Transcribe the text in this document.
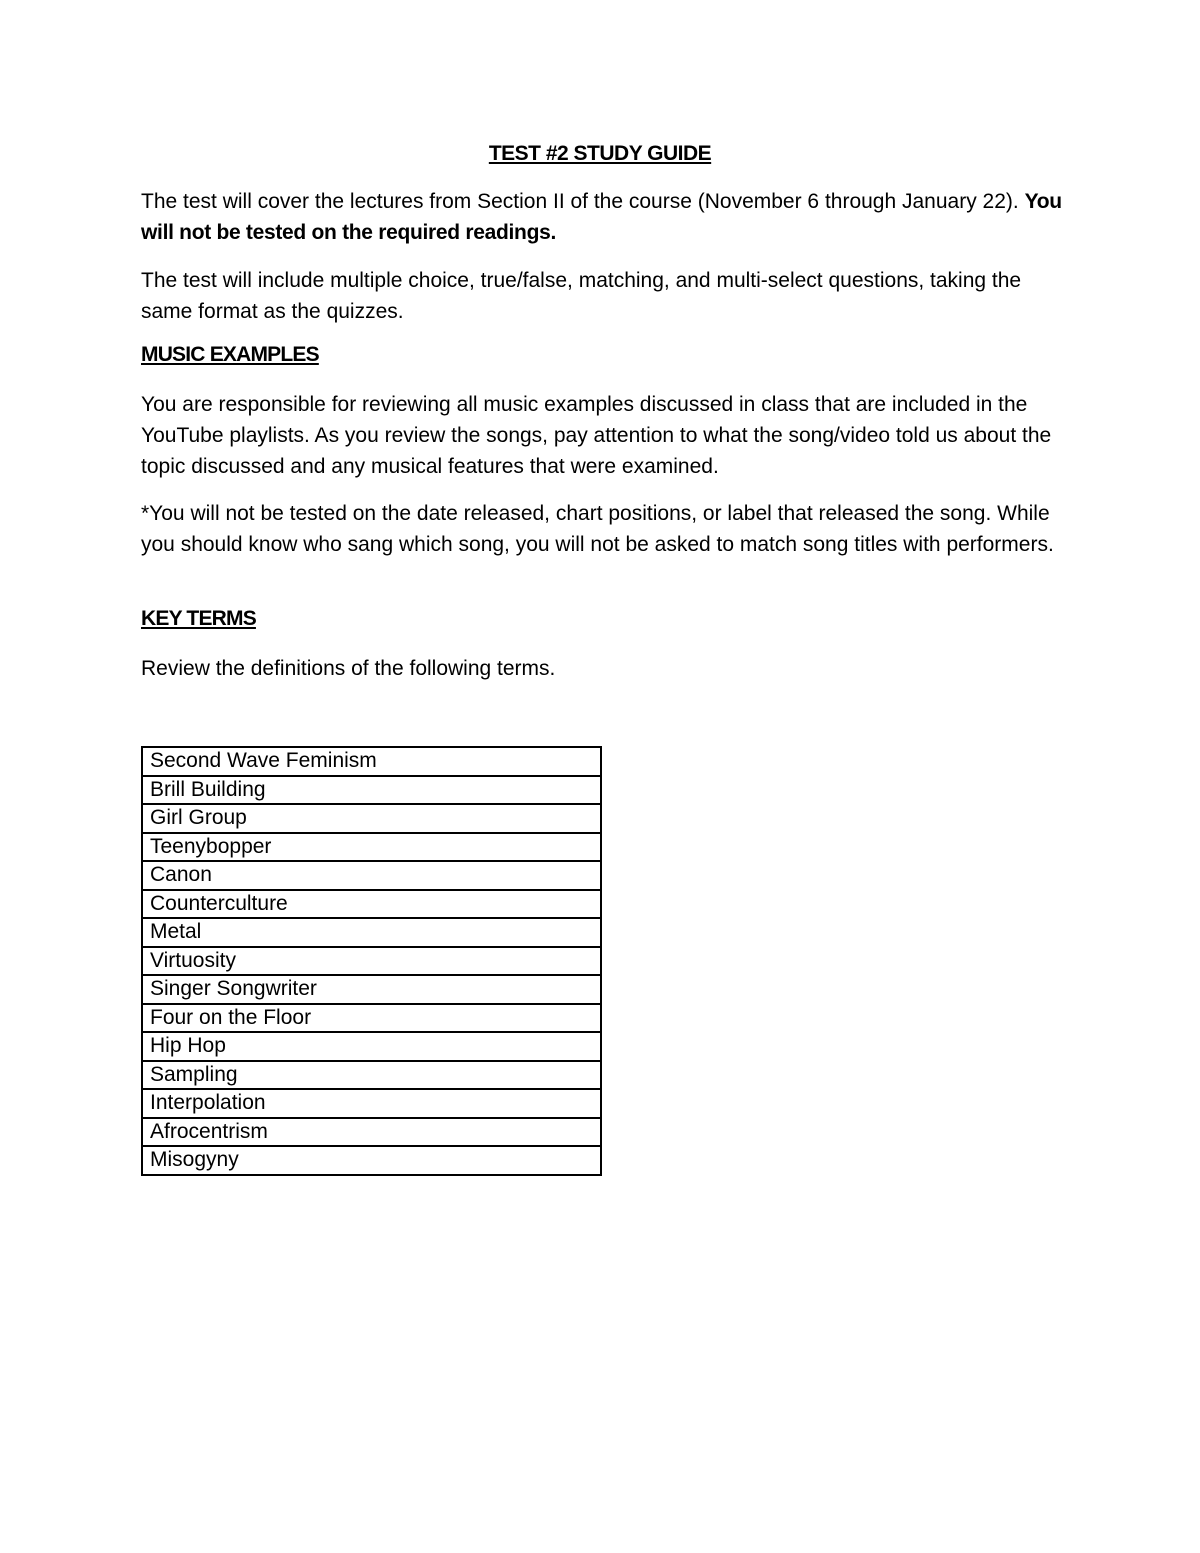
TEST #2 STUDY GUIDE

The test will cover the lectures from Section II of the course (November 6 through January 22). You will not be tested on the required readings.

The test will include multiple choice, true/false, matching, and multi-select questions, taking the same format as the quizzes.

MUSIC EXAMPLES

You are responsible for reviewing all music examples discussed in class that are included in the YouTube playlists. As you review the songs, pay attention to what the song/video told us about the topic discussed and any musical features that were examined.

*You will not be tested on the date released, chart positions, or label that released the song. While you should know who sang which song, you will not be asked to match song titles with performers.

KEY TERMS

Review the definitions of the following terms.

Second Wave Feminism
Brill Building
Girl Group
Teenybopper
Canon
Counterculture
Metal
Virtuosity
Singer Songwriter
Four on the Floor
Hip Hop
Sampling
Interpolation
Afrocentrism
Misogyny
